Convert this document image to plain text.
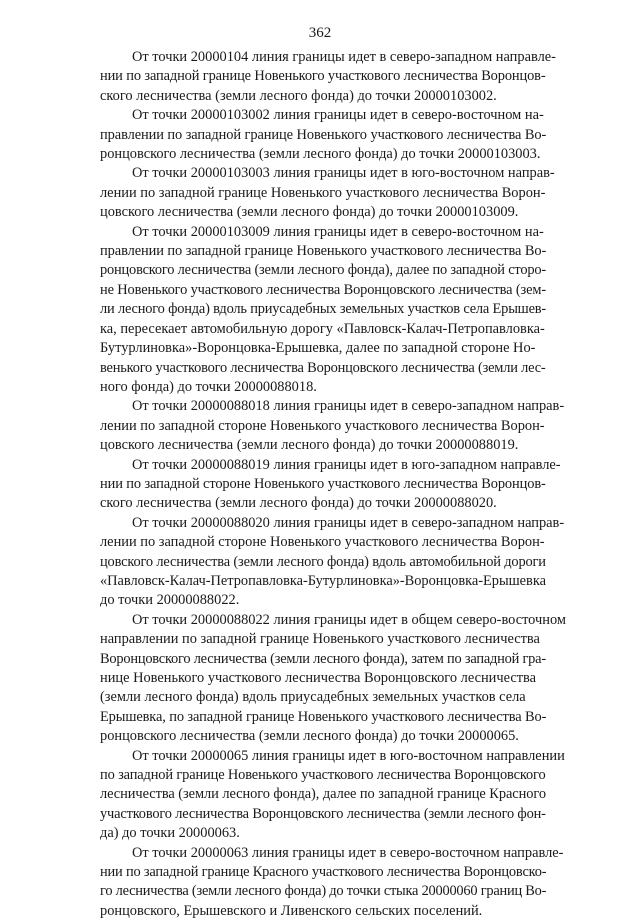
362

От точки 20000104 линия границы идет в северо-западном направле-
нии по западной границе Новенького участкового лесничества Воронцов-
ского лесничества (земли лесного фонда) до точки 20000103002.

От точки 20000103002 линия границы идет в северо-восточном на-
правлении по западной границе Новенького участкового лесничества Во-
ронцовского лесничества (земли лесного фонда) до точки 20000103003.

От точки 20000103003 линия границы идет в юго-восточном направ-
лении по западной границе Новенького участкового лесничества Ворон-
цовского лесничества (земли лесного фонда) до точки 20000103009.

От точки 20000103009 линия границы идет в северо-восточном на-
правлении по западной границе Новенького участкового лесничества Во-
ронцовского лесничества (земли лесного фонда), далее по западной сторо-
не Новенького участкового лесничества Воронцовского лесничества (зем-
ли лесного фонда) вдоль приусадебных земельных участков села Ерышев-
ка, пересекает автомобильную дорогу «Павловск-Калач-Петропавловка-
Бутурлиновка»-Воронцовка-Ерышевка, далее по западной стороне Но-
венького участкового лесничества Воронцовского лесничества (земли лес-
ного фонда) до точки 20000088018.

От точки 20000088018 линия границы идет в северо-западном направ-
лении по западной стороне Новенького участкового лесничества Ворон-
цовского лесничества (земли лесного фонда) до точки 20000088019.

От точки 20000088019 линия границы идет в юго-западном направле-
нии по западной стороне Новенького участкового лесничества Воронцов-
ского лесничества (земли лесного фонда) до точки 20000088020.

От точки 20000088020 линия границы идет в северо-западном направ-
лении по западной стороне Новенького участкового лесничества Ворон-
цовского лесничества (земли лесного фонда) вдоль автомобильной дороги
«Павловск-Калач-Петропавловка-Бутурлиновка»-Воронцовка-Ерышевка
до точки 20000088022.

От точки 20000088022 линия границы идет в общем северо-восточном
направлении по западной границе Новенького участкового лесничества
Воронцовского лесничества (земли лесного фонда), затем по западной гра-
нице Новенького участкового лесничества Воронцовского лесничества
(земли лесного фонда) вдоль приусадебных земельных участков села
Ерышевка, по западной границе Новенького участкового лесничества Во-
ронцовского лесничества (земли лесного фонда) до точки 20000065.

От точки 20000065 линия границы идет в юго-восточном направлении
по западной границе Новенького участкового лесничества Воронцовского
лесничества (земли лесного фонда), далее по западной границе Красного
участкового лесничества Воронцовского лесничества (земли лесного фон-
да) до точки 20000063.

От точки 20000063 линия границы идет в северо-восточном направле-
нии по западной границе Красного участкового лесничества Воронцовско-
го лесничества (земли лесного фонда) до точки стыка 20000060 границ Во-
ронцовского, Ерышевского и Ливенского сельских поселений.
